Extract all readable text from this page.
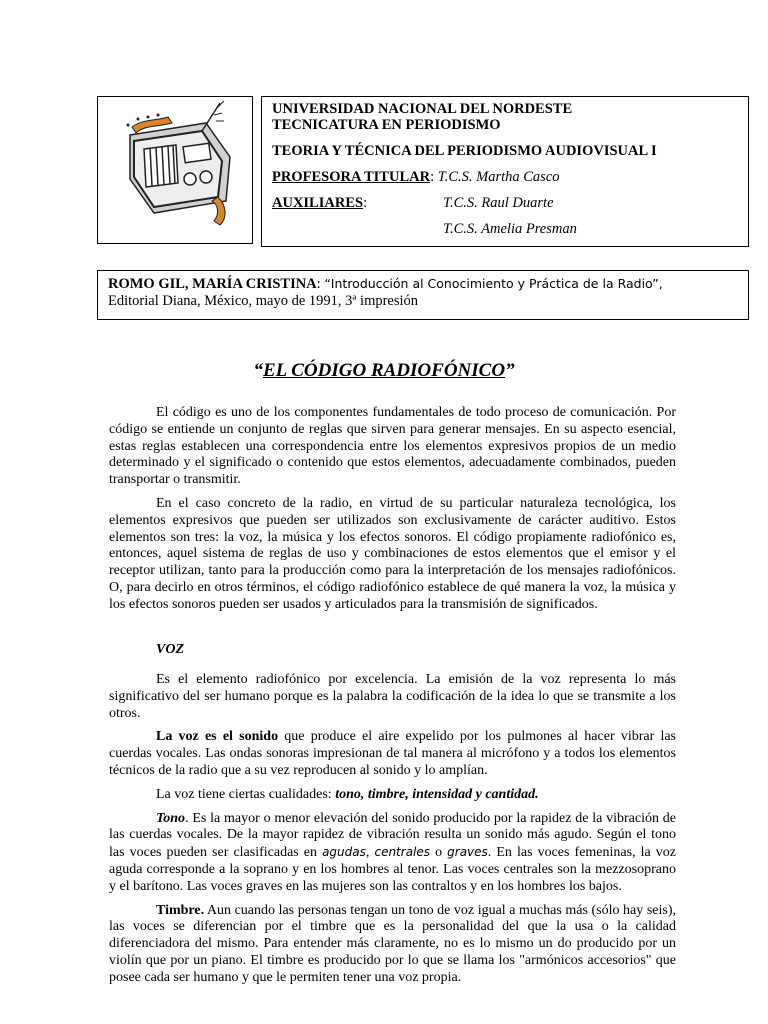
UNIVERSIDAD NACIONAL DEL NORDESTE
TECNICATURA EN PERIODISMO
TEORIA Y TÉCNICA DEL PERIODISMO AUDIOVISUAL I
PROFESORA TITULAR: T.C.S. Martha Casco
AUXILIARES:	T.C.S. Raul Duarte
T.C.S. Amelia Presman
ROMO GIL, MARÍA CRISTINA: “Introducción al Conocimiento y Práctica de la Radio”,
Editorial Diana, México, mayo de 1991, 3ª impresión
“EL CÓDIGO RADIOFÓNICO”

El código es uno de los componentes fundamentales de todo proceso de comunicación. Por código se entiende un conjunto de reglas que sirven para generar mensajes. En su aspecto esencial, estas reglas establecen una correspondencia entre los elementos expresivos propios de un medio determinado y el significado o contenido que estos elementos, adecuadamente combinados, pueden transportar o transmitir.

En el caso concreto de la radio, en virtud de su particular naturaleza tecnológica, los elementos expresivos que pueden ser utilizados son exclusivamente de carácter auditivo. Estos elementos son tres: la voz, la música y los efectos sonoros. El código propiamente radiofónico es, entonces, aquel sistema de reglas de uso y combinaciones de estos elementos que el emisor y el receptor utilizan, tanto para la producción como para la interpretación de los mensajes radiofónicos. O, para decirlo en otros términos, el código radiofónico establece de qué manera la voz, la música y los efectos sonoros pueden ser usados y articulados para la transmisión de significados.

VOZ

Es el elemento radiofónico por excelencia. La emisión de la voz representa lo más significativo del ser humano porque es la palabra la codificación de la idea lo que se transmite a los otros.

La voz es el sonido que produce el aire expelido por los pulmones al hacer vibrar las cuerdas vocales. Las ondas sonoras impresionan de tal manera al micrófono y a todos los elementos técnicos de la radio que a su vez reproducen al sonido y lo amplían.

La voz tiene ciertas cualidades: tono, timbre, intensidad y cantidad.

Tono. Es la mayor o menor elevación del sonido producido por la rapidez de la vibración de las cuerdas vocales. De la mayor rapidez de vibración resulta un sonido más agudo. Según el tono las voces pueden ser clasificadas en agudas, centrales o graves. En las voces femeninas, la voz aguda corresponde a la soprano y en los hombres al tenor. Las voces centrales son la mezzosoprano y el barítono. Las voces graves en las mujeres son las contraltos y en los hombres los bajos.

Timbre. Aun cuando las personas tengan un tono de voz igual a muchas más (sólo hay seis), las voces se diferencian por el timbre que es la personalidad del que la usa o la calidad diferenciadora del mismo. Para entender más claramente, no es lo mismo un do producido por un violín que por un piano. El timbre es producido por lo que se llama los "armónicos accesorios" que posee cada ser humano y que le permiten tener una voz propia.
